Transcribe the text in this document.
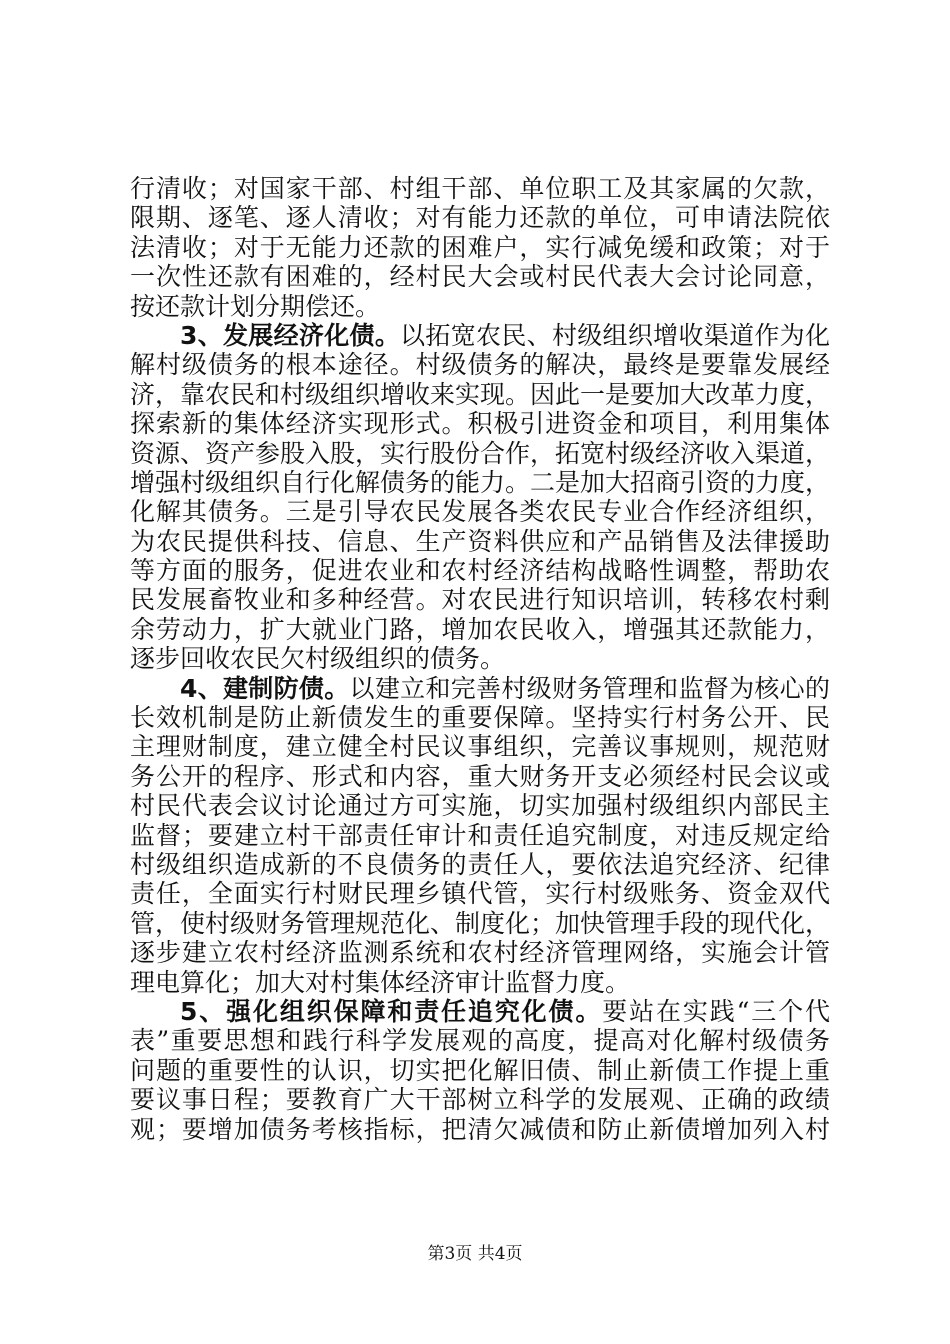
行清收；对国家干部、村组干部、单位职工及其家属的欠款，
限期、逐笔、逐人清收；对有能力还款的单位，可申请法院依
法清收；对于无能力还款的困难户，实行减免缓和政策；对于
一次性还款有困难的，经村民大会或村民代表大会讨论同意，
按还款计划分期偿还。
3、发展经济化债。以拓宽农民、村级组织增收渠道作为化
解村级债务的根本途径。村级债务的解决，最终是要靠发展经
济，靠农民和村级组织增收来实现。因此一是要加大改革力度，
探索新的集体经济实现形式。积极引进资金和项目，利用集体
资源、资产参股入股，实行股份合作，拓宽村级经济收入渠道，
增强村级组织自行化解债务的能力。二是加大招商引资的力度，
化解其债务。三是引导农民发展各类农民专业合作经济组织，
为农民提供科技、信息、生产资料供应和产品销售及法律援助
等方面的服务，促进农业和农村经济结构战略性调整，帮助农
民发展畜牧业和多种经营。对农民进行知识培训，转移农村剩
余劳动力，扩大就业门路，增加农民收入，增强其还款能力，
逐步回收农民欠村级组织的债务。
4、建制防债。以建立和完善村级财务管理和监督为核心的
长效机制是防止新债发生的重要保障。坚持实行村务公开、民
主理财制度，建立健全村民议事组织，完善议事规则，规范财
务公开的程序、形式和内容，重大财务开支必须经村民会议或
村民代表会议讨论通过方可实施，切实加强村级组织内部民主
监督；要建立村干部责任审计和责任追究制度，对违反规定给
村级组织造成新的不良债务的责任人，要依法追究经济、纪律
责任，全面实行村财民理乡镇代管，实行村级账务、资金双代
管，使村级财务管理规范化、制度化；加快管理手段的现代化，
逐步建立农村经济监测系统和农村经济管理网络，实施会计管
理电算化；加大对村集体经济审计监督力度。
5、强化组织保障和责任追究化债。要站在实践“三个代
表”重要思想和践行科学发展观的高度，提高对化解村级债务
问题的重要性的认识，切实把化解旧债、制止新债工作提上重
要议事日程；要教育广大干部树立科学的发展观、正确的政绩
观；要增加债务考核指标，把清欠减债和防止新债增加列入村
第3页 共4页
